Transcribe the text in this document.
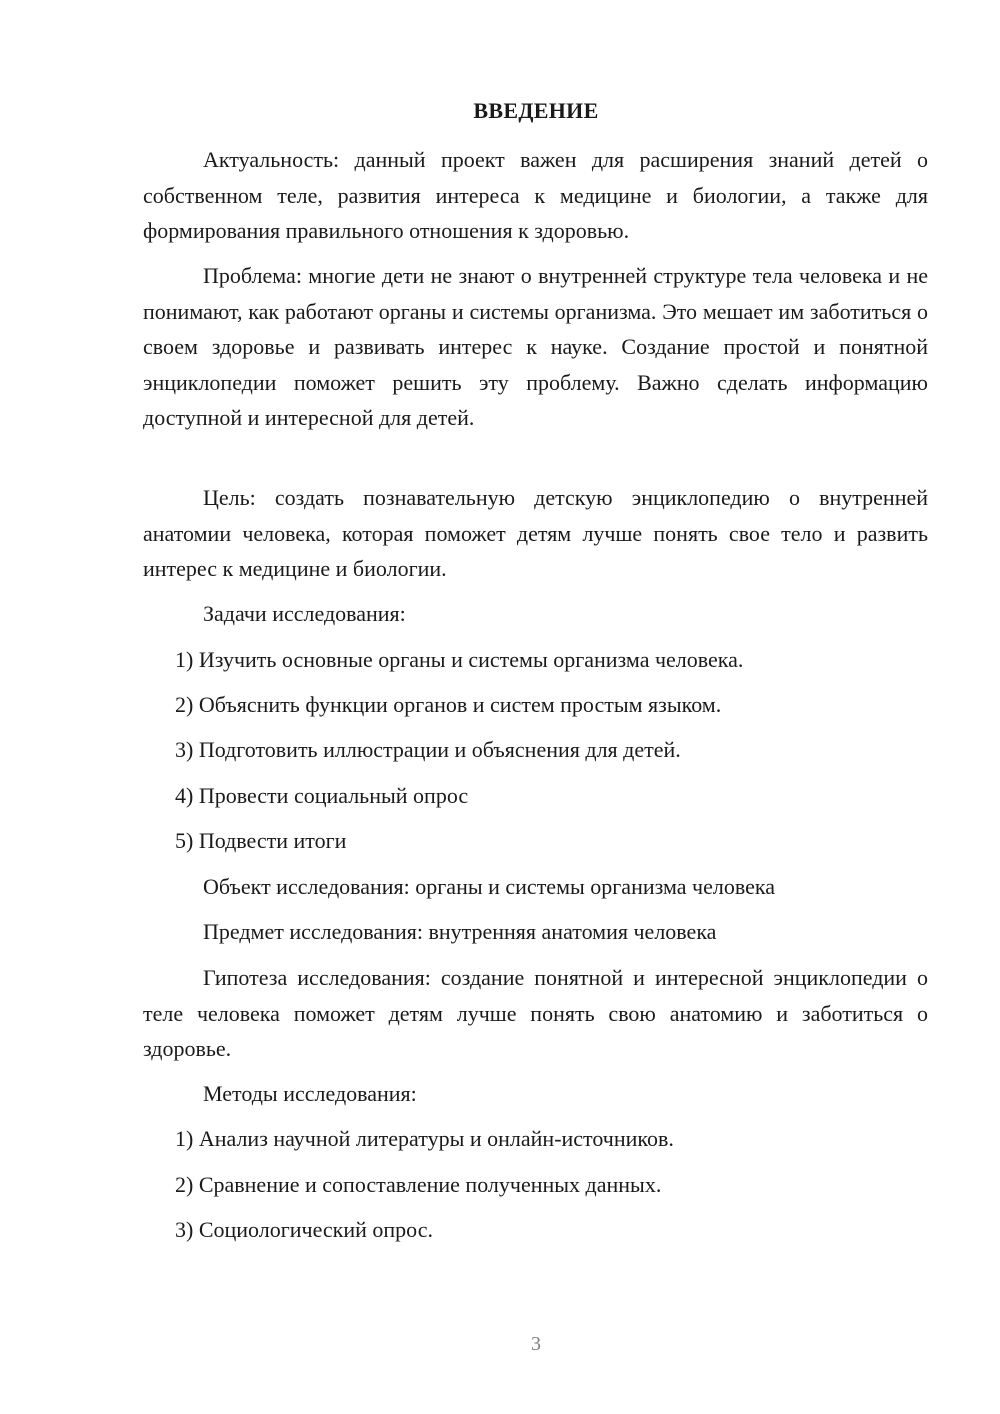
ВВЕДЕНИЕ
Актуальность: данный проект важен для расширения знаний детей о собственном теле, развития интереса к медицине и биологии, а также для формирования правильного отношения к здоровью.
Проблема: многие дети не знают о внутренней структуре тела человека и не понимают, как работают органы и системы организма. Это мешает им заботиться о своем здоровье и развивать интерес к науке. Создание простой и понятной энциклопедии поможет решить эту проблему. Важно сделать информацию доступной и интересной для детей.
Цель: создать познавательную детскую энциклопедию о внутренней анатомии человека, которая поможет детям лучше понять свое тело и развить интерес к медицине и биологии.
Задачи исследования:
1) Изучить основные органы и системы организма человека.
2) Объяснить функции органов и систем простым языком.
3) Подготовить иллюстрации и объяснения для детей.
4) Провести социальный опрос
5) Подвести итоги
Объект исследования: органы и системы организма человека
Предмет исследования: внутренняя анатомия человека
Гипотеза исследования: создание понятной и интересной энциклопедии о теле человека поможет детям лучше понять свою анатомию и заботиться о здоровье.
Методы исследования:
1) Анализ научной литературы и онлайн-источников.
2) Сравнение и сопоставление полученных данных.
3) Социологический опрос.
3
